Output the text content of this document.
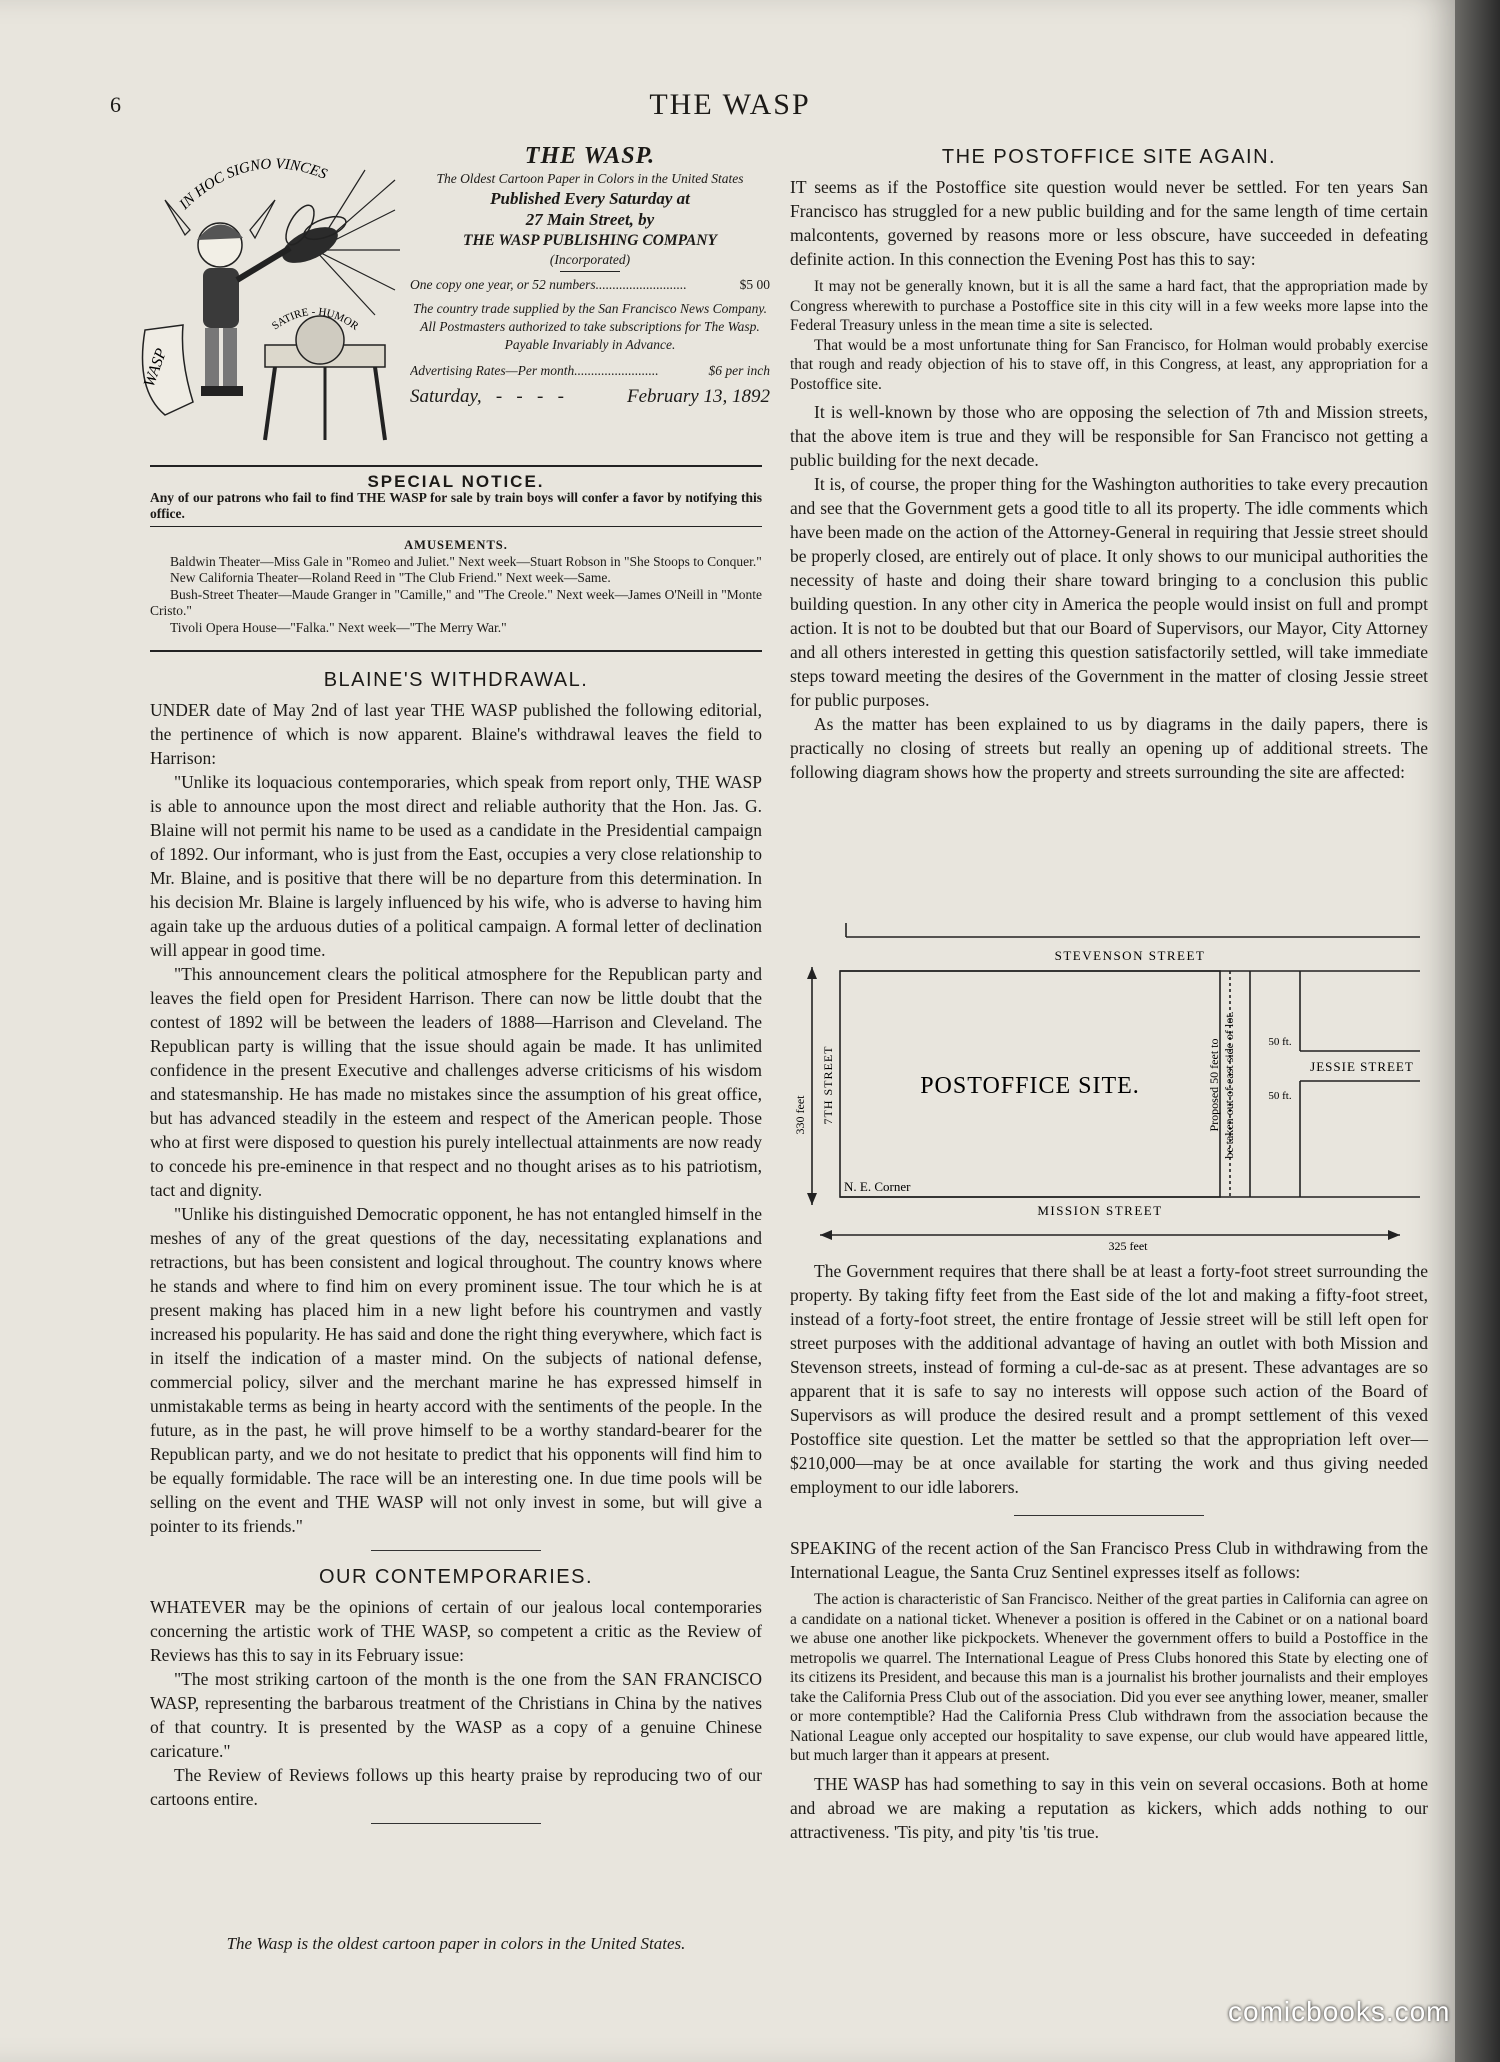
6	THE WASP
IN HOC SIGNO VINCES
WASP
SATIRE - HUMOR
THE WASP.
The Oldest Cartoon Paper in Colors in the United States
Published Every Saturday at
27 Main Street, by
THE WASP PUBLISHING COMPANY
(Incorporated)
One copy one year, or 52 numbers...........................	$5 00
The country trade supplied by the San Francisco News Company.
All Postmasters authorized to take subscriptions for The Wasp.
Payable Invariably in Advance.
Advertising Rates—Per month.........................	$6 per inch
Saturday,   -   -   -   -	February 13, 1892
SPECIAL NOTICE.
Any of our patrons who fail to find THE WASP for sale by train boys will confer a favor by notifying this office.
AMUSEMENTS.

Baldwin Theater—Miss Gale in "Romeo and Juliet." Next week—Stuart Robson in "She Stoops to Conquer."

New California Theater—Roland Reed in "The Club Friend." Next week—Same.

Bush-Street Theater—Maude Granger in "Camille," and "The Creole." Next week—James O'Neill in "Monte Cristo."

Tivoli Opera House—"Falka." Next week—"The Merry War."

BLAINE'S WITHDRAWAL.

UNDER date of May 2nd of last year THE WASP published the following editorial, the pertinence of which is now apparent. Blaine's withdrawal leaves the field to Harrison:

"Unlike its loquacious contemporaries, which speak from report only, THE WASP is able to announce upon the most direct and reliable authority that the Hon. Jas. G. Blaine will not permit his name to be used as a candidate in the Presidential campaign of 1892. Our informant, who is just from the East, occupies a very close relationship to Mr. Blaine, and is positive that there will be no departure from this determination. In his decision Mr. Blaine is largely influenced by his wife, who is adverse to having him again take up the arduous duties of a political campaign. A formal letter of declination will appear in good time.

"This announcement clears the political atmosphere for the Republican party and leaves the field open for President Harrison. There can now be little doubt that the contest of 1892 will be between the leaders of 1888—Harrison and Cleveland. The Republican party is willing that the issue should again be made. It has unlimited confidence in the present Executive and challenges adverse criticisms of his wisdom and statesmanship. He has made no mistakes since the assumption of his great office, but has advanced steadily in the esteem and respect of the American people. Those who at first were disposed to question his purely intellectual attainments are now ready to concede his pre-eminence in that respect and no thought arises as to his patriotism, tact and dignity.

"Unlike his distinguished Democratic opponent, he has not entangled himself in the meshes of any of the great questions of the day, necessitating explanations and retractions, but has been consistent and logical throughout. The country knows where he stands and where to find him on every prominent issue. The tour which he is at present making has placed him in a new light before his countrymen and vastly increased his popularity. He has said and done the right thing everywhere, which fact is in itself the indication of a master mind. On the subjects of national defense, commercial policy, silver and the merchant marine he has expressed himself in unmistakable terms as being in hearty accord with the sentiments of the people. In the future, as in the past, he will prove himself to be a worthy standard-bearer for the Republican party, and we do not hesitate to predict that his opponents will find him to be equally formidable. The race will be an interesting one. In due time pools will be selling on the event and THE WASP will not only invest in some, but will give a pointer to its friends."

OUR CONTEMPORARIES.

WHATEVER may be the opinions of certain of our jealous local contemporaries concerning the artistic work of THE WASP, so competent a critic as the Review of Reviews has this to say in its February issue:

"The most striking cartoon of the month is the one from the SAN FRANCISCO WASP, representing the barbarous treatment of the Christians in China by the natives of that country. It is presented by the WASP as a copy of a genuine Chinese caricature."

The Review of Reviews follows up this hearty praise by reproducing two of our cartoons entire.

The Wasp is the oldest cartoon paper in colors in the United States.
THE POSTOFFICE SITE AGAIN.

IT seems as if the Postoffice site question would never be settled. For ten years San Francisco has struggled for a new public building and for the same length of time certain malcontents, governed by reasons more or less obscure, have succeeded in defeating definite action. In this connection the Evening Post has this to say:

It may not be generally known, but it is all the same a hard fact, that the appropriation made by Congress wherewith to purchase a Postoffice site in this city will in a few weeks more lapse into the Federal Treasury unless in the mean time a site is selected.

That would be a most unfortunate thing for San Francisco, for Holman would probably exercise that rough and ready objection of his to stave off, in this Congress, at least, any appropriation for a Postoffice site.

It is well-known by those who are opposing the selection of 7th and Mission streets, that the above item is true and they will be responsible for San Francisco not getting a public building for the next decade.

It is, of course, the proper thing for the Washington authorities to take every precaution and see that the Government gets a good title to all its property. The idle comments which have been made on the action of the Attorney-General in requiring that Jessie street should be properly closed, are entirely out of place. It only shows to our municipal authorities the necessity of haste and doing their share toward bringing to a conclusion this public building question. In any other city in America the people would insist on full and prompt action. It is not to be doubted but that our Board of Supervisors, our Mayor, City Attorney and all others interested in getting this question satisfactorily settled, will take immediate steps toward meeting the desires of the Government in the matter of closing Jessie street for public purposes.

As the matter has been explained to us by diagrams in the daily papers, there is practically no closing of streets but really an opening up of additional streets. The following diagram shows how the property and streets surrounding the site are affected:

STEVENSON STREET
MISSION STREET
POSTOFFICE SITE.
JESSIE STREET
N. E. Corner
50 ft.
50 ft.
325 feet
330 feet 7TH STREET	Proposed 50 feet to be taken out of east side of lot.

The Government requires that there shall be at least a forty-foot street surrounding the property. By taking fifty feet from the East side of the lot and making a fifty-foot street, instead of a forty-foot street, the entire frontage of Jessie street will be still left open for street purposes with the additional advantage of having an outlet with both Mission and Stevenson streets, instead of forming a cul-de-sac as at present. These advantages are so apparent that it is safe to say no interests will oppose such action of the Board of Supervisors as will produce the desired result and a prompt settlement of this vexed Postoffice site question. Let the matter be settled so that the appropriation left over—$210,000—may be at once available for starting the work and thus giving needed employment to our idle laborers.

SPEAKING of the recent action of the San Francisco Press Club in withdrawing from the International League, the Santa Cruz Sentinel expresses itself as follows:

The action is characteristic of San Francisco. Neither of the great parties in California can agree on a candidate on a national ticket. Whenever a position is offered in the Cabinet or on a national board we abuse one another like pickpockets. Whenever the government offers to build a Postoffice in the metropolis we quarrel. The International League of Press Clubs honored this State by electing one of its citizens its President, and because this man is a journalist his brother journalists and their employes take the California Press Club out of the association. Did you ever see anything lower, meaner, smaller or more contemptible? Had the California Press Club withdrawn from the association because the National League only accepted our hospitality to save expense, our club would have appeared little, but much larger than it appears at present.

THE WASP has had something to say in this vein on several occasions. Both at home and abroad we are making a reputation as kickers, which adds nothing to our attractiveness. 'Tis pity, and pity 'tis 'tis true.

comicbooks.com
